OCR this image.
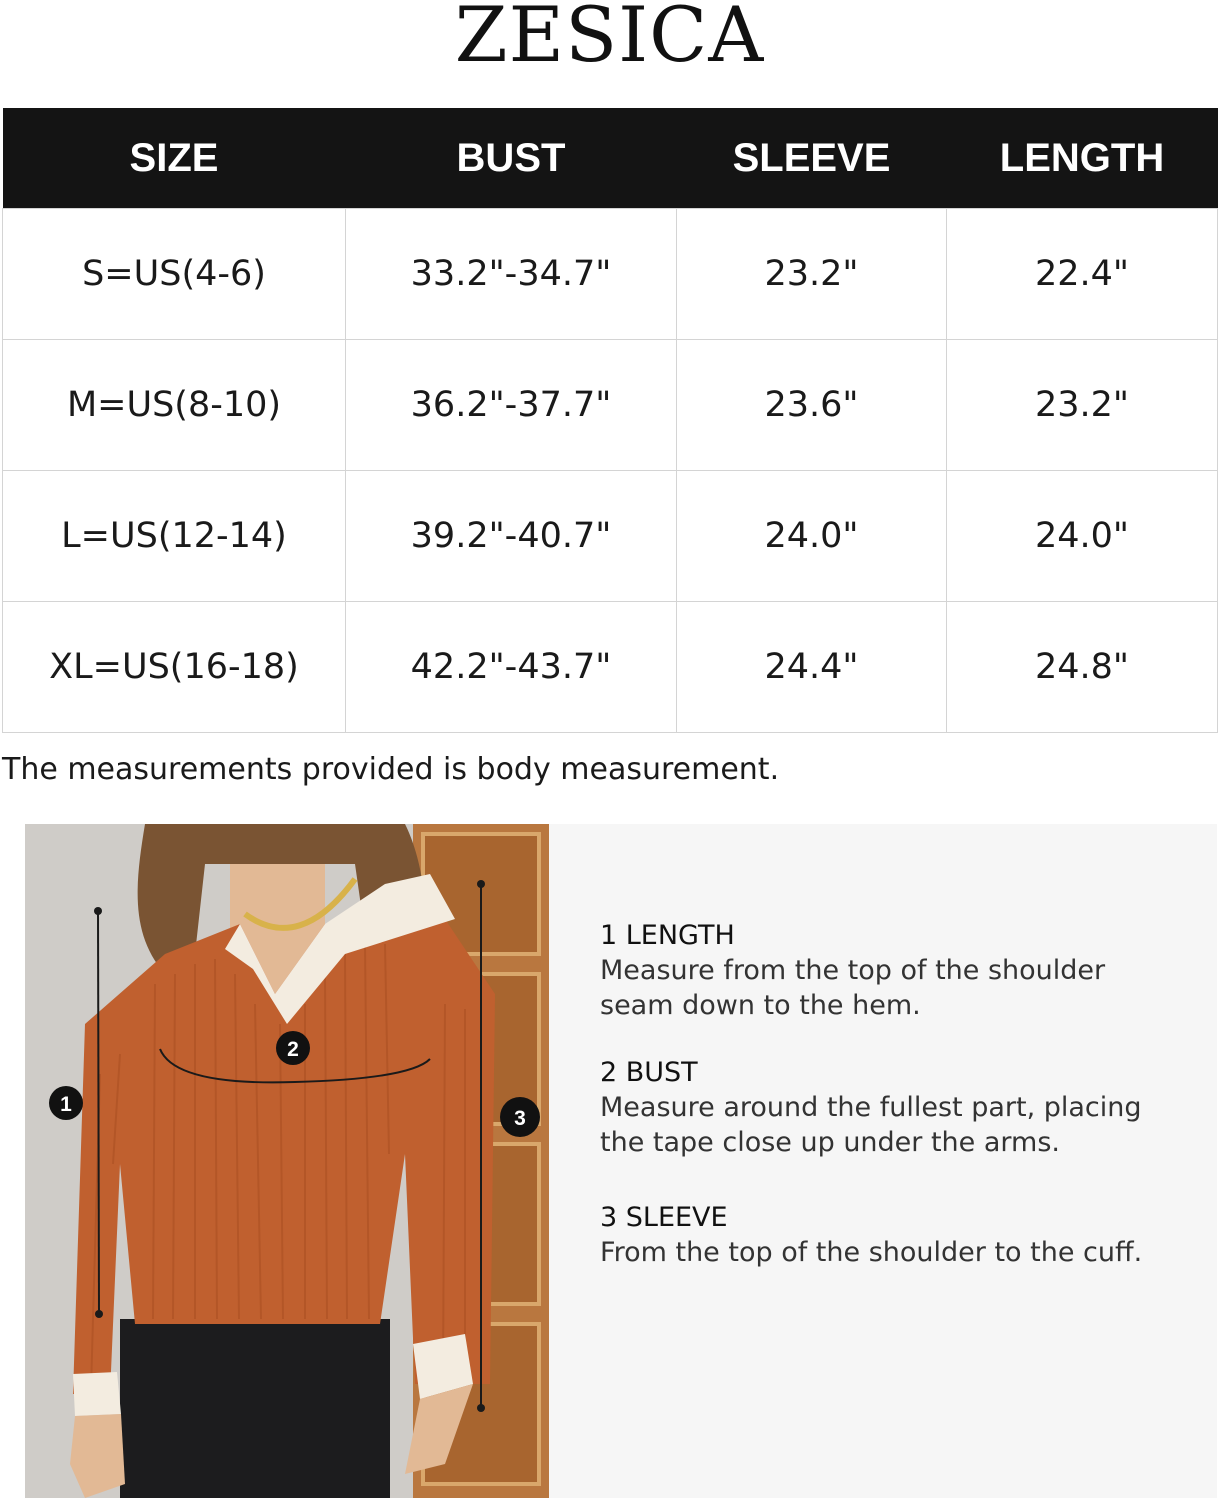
ZESICA
SIZE	BUST	SLEEVE	LENGTH
S=US(4-6)	33.2"-34.7"	23.2"	22.4"
M=US(8-10)	36.2"-37.7"	23.6"	23.2"
L=US(12-14)	39.2"-40.7"	24.0"	24.0"
XL=US(16-18)	42.2"-43.7"	24.4"	24.8"
The measurements provided is body measurement.
1
2
3
1 LENGTH
Measure from the top of the shoulder
seam down to the hem.
2 BUST
Measure around the fullest part, placing
the tape close up under the arms.
3 SLEEVE
From the top of the shoulder to the cuff.
